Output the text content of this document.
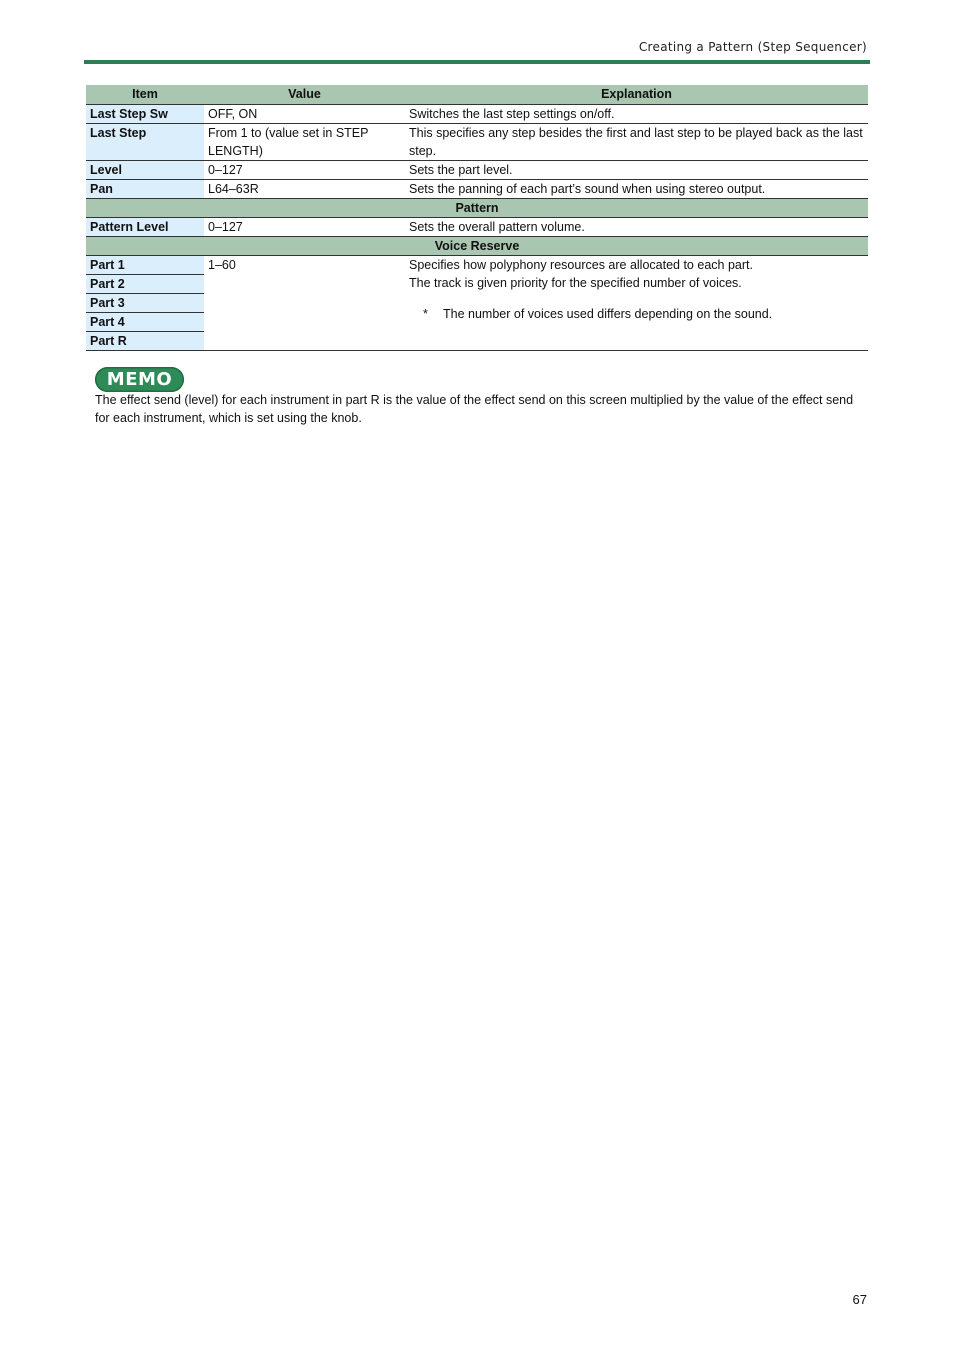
Creating a Pattern (Step Sequencer)
Item	Value	Explanation
Last Step Sw	OFF, ON	Switches the last step settings on/off.
Last Step	From 1 to (value set in STEP LENGTH)	This specifies any step besides the first and last step to be played back as the last step.
Level	0–127	Sets the part level.
Pan	L64–63R	Sets the panning of each part’s sound when using stereo output.
Pattern		
Pattern Level	0–127	Sets the overall pattern volume.
Voice Reserve		
Part 1	1–60	Specifies how polyphony resources are allocated to each part.
The track is given priority for the specified number of voices.
* The number of voices used differs depending on the sound.

Part 2		
Part 3		
Part 4		
Part R		
MEMO
The effect send (level) for each instrument in part R is the value of the effect send on this screen multiplied by the value of the effect send for each instrument, which is set using the knob.
67
